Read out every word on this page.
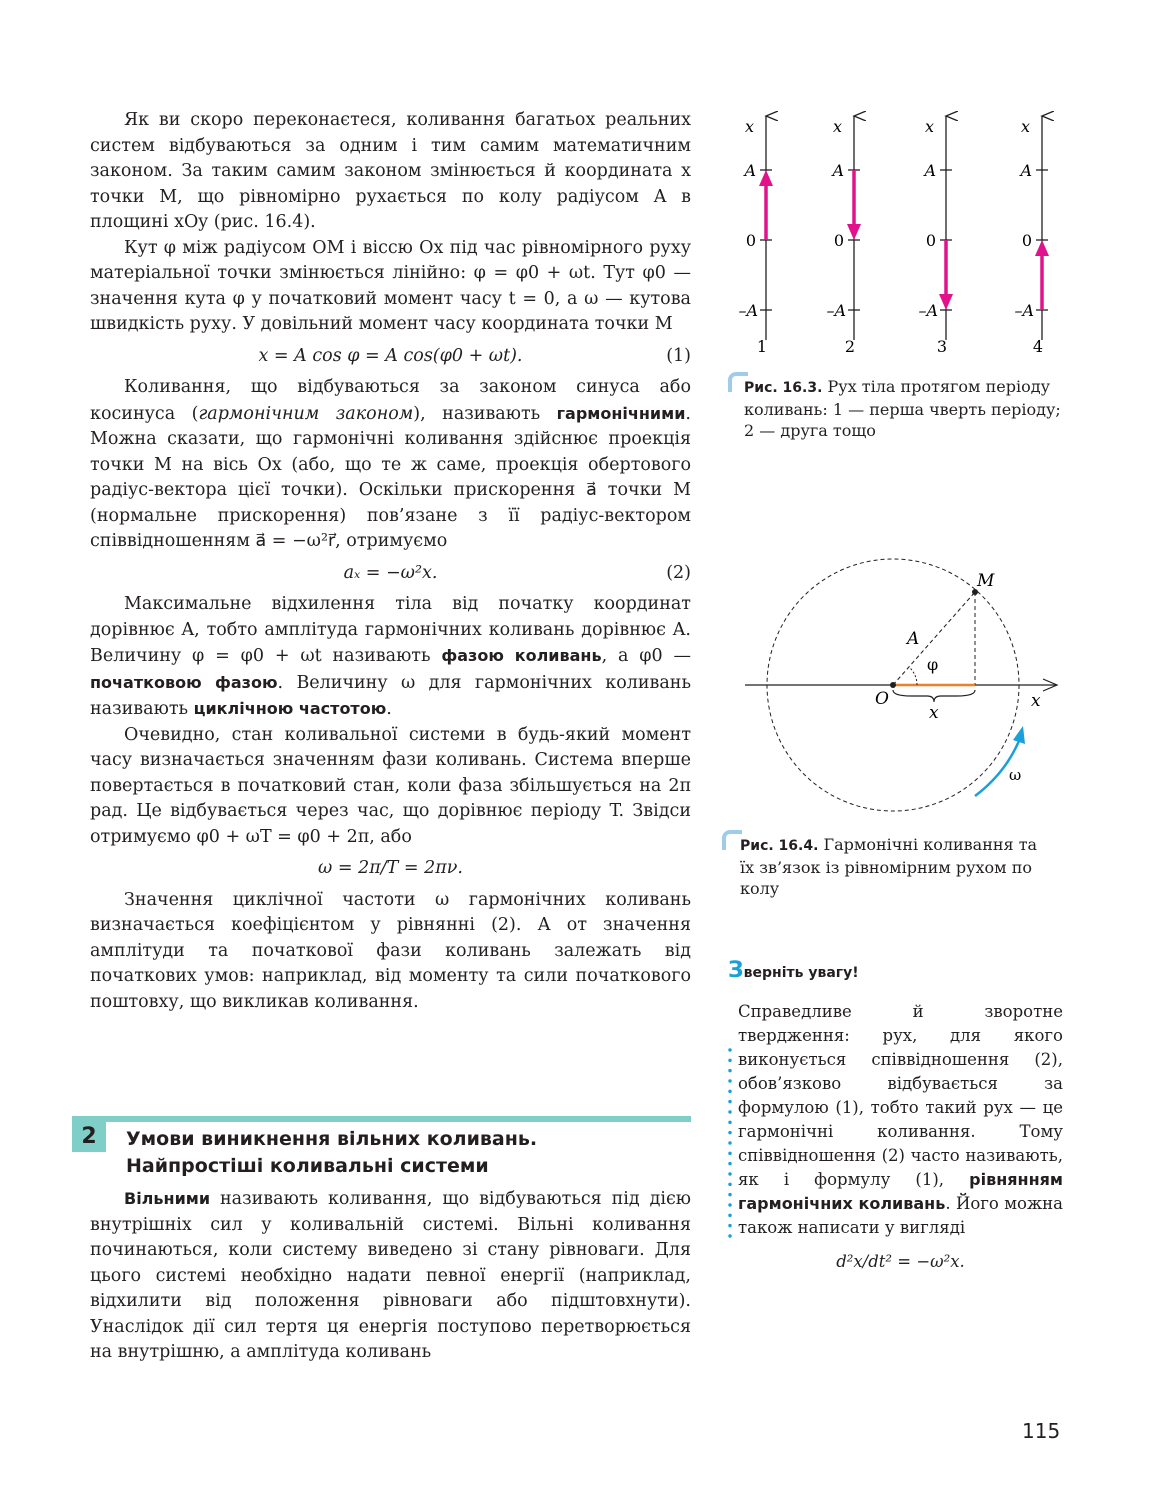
Як ви скоро переконаєтеся, коливання багатьох реальних систем відбуваються за одним і тим самим математичним законом. За таким самим законом змінюється й координата x точки M, що рівномірно рухається по колу радіусом A в площині xOy (рис. 16.4).

Кут φ між радіусом OM і віссю Ox під час рівномірного руху матеріальної точки змінюється лінійно: φ = φ0 + ωt. Тут φ0 — значення кута φ у початковий момент часу t = 0, а ω — кутова швидкість руху. У довільний момент часу координата точки M

x = A cos φ = A cos(φ0 + ωt).	(1)

Коливання, що відбуваються за законом синуса або косинуса (гармонічним законом), називають гармонічними. Можна сказати, що гармонічні коливання здійснює проекція точки M на вісь Ox (або, що те ж саме, проекція обертового радіус-вектора цієї точки). Оскільки прискорення a⃗ точки M (нормальне прискорення) пов’язане з її радіус-вектором співвідношенням a⃗ = −ω²r⃗, отримуємо

aₓ = −ω²x.	(2)

Максимальне відхилення тіла від початку координат дорівнює A, тобто амплітуда гармонічних коливань дорівнює A. Величину φ = φ0 + ωt називають фазою коливань, а φ0 — початковою фазою. Величину ω для гармонічних коливань називають циклічною частотою.

Очевидно, стан коливальної системи в будь-який момент часу визначається значенням фази коливань. Система вперше повертається в початковий стан, коли фаза збільшується на 2π рад. Це відбувається через час, що дорівнює періоду T. Звідси отримуємо φ0 + ωT = φ0 + 2π, або

ω = 2π/T = 2πν.

Значення циклічної частоти ω гармонічних коливань визначається коефіцієнтом у рівнянні (2). А от значення амплітуди та початкової фази коливань залежать від початкових умов: наприклад, від моменту та сили початкового поштовху, що викликав коливання.

2	Умови виникнення вільних коливань.
Найпростіші коливальні системи

Вільними називають коливання, що відбуваються під дією внутрішніх сил у коливальній системі. Вільні коливання починаються, коли систему виведено зі стану рівноваги. Для цього системі необхідно надати певної енергії (наприклад, відхилити від положення рівноваги або підштовхнути). Унаслідок дії сил тертя ця енергія поступово перетворюється на внутрішню, а амплітуда коливань

x
A
0
–A
1
x
A
0
–A
2
x
A
0
–A
3
x
A
0
–A
4
Рис. 16.3. Рух тіла протягом періоду коливань: 1 — перша чверть періоду; 2 — друга тощо
M
A
φ
O	x
x
ω
Рис. 16.4. Гармонічні коливання та їх зв’язок із рівномірним рухом по колу
Зверніть увагу!
Справедливе й зворотне твердження: рух, для якого виконується співвідношення (2), обов’язково відбувається за формулою (1), тобто такий рух — це гармонічні коливання. Тому співвідношення (2) часто називають, як і формулу (1), рівнянням гармонічних коливань. Його можна також написати у вигляді
d²x/dt² = −ω²x.
115
